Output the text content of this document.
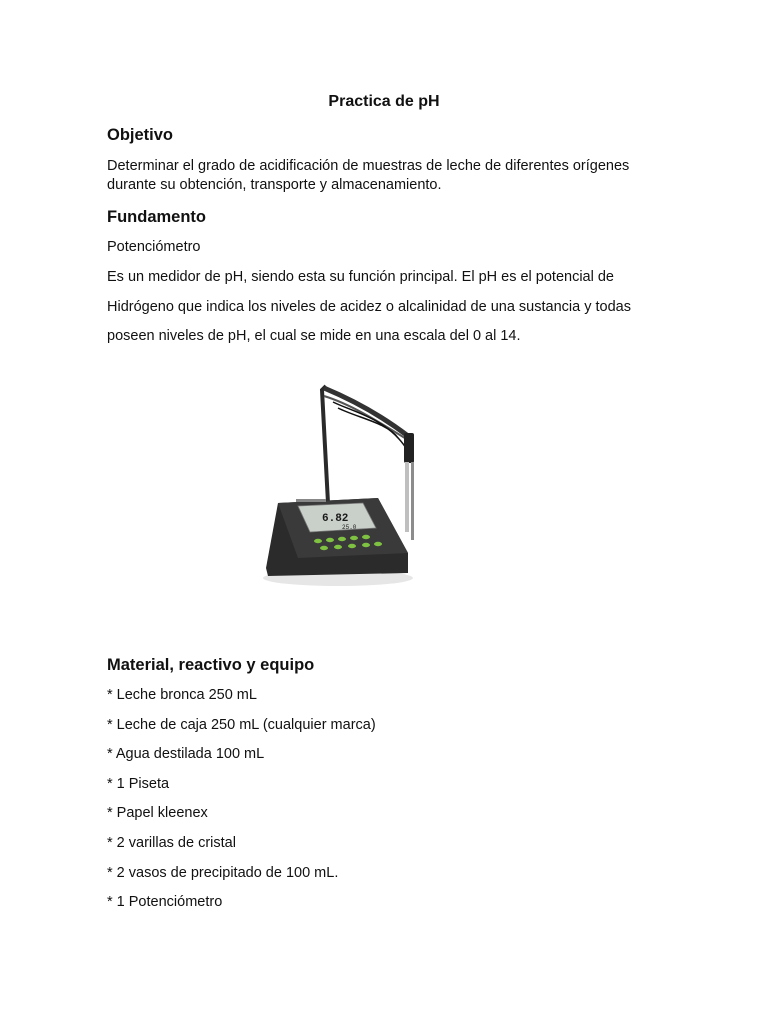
Practica de pH
Objetivo
Determinar el grado de acidificación de muestras de leche de diferentes orígenes durante su obtención, transporte y almacenamiento.
Fundamento
Potenciómetro
Es un medidor de pH, siendo esta su función principal. El pH es el potencial de
Hidrógeno que indica los niveles de acidez o alcalinidad de una sustancia y todas
poseen niveles de pH, el cual se mide en una escala del 0 al 14.
6.82
25.0
Material, reactivo y equipo
* Leche bronca 250 mL
* Leche de caja 250 mL (cualquier marca)
* Agua destilada 100 mL
* 1 Piseta
* Papel kleenex
* 2 varillas de cristal
* 2 vasos de precipitado de 100 mL.
* 1 Potenciómetro
